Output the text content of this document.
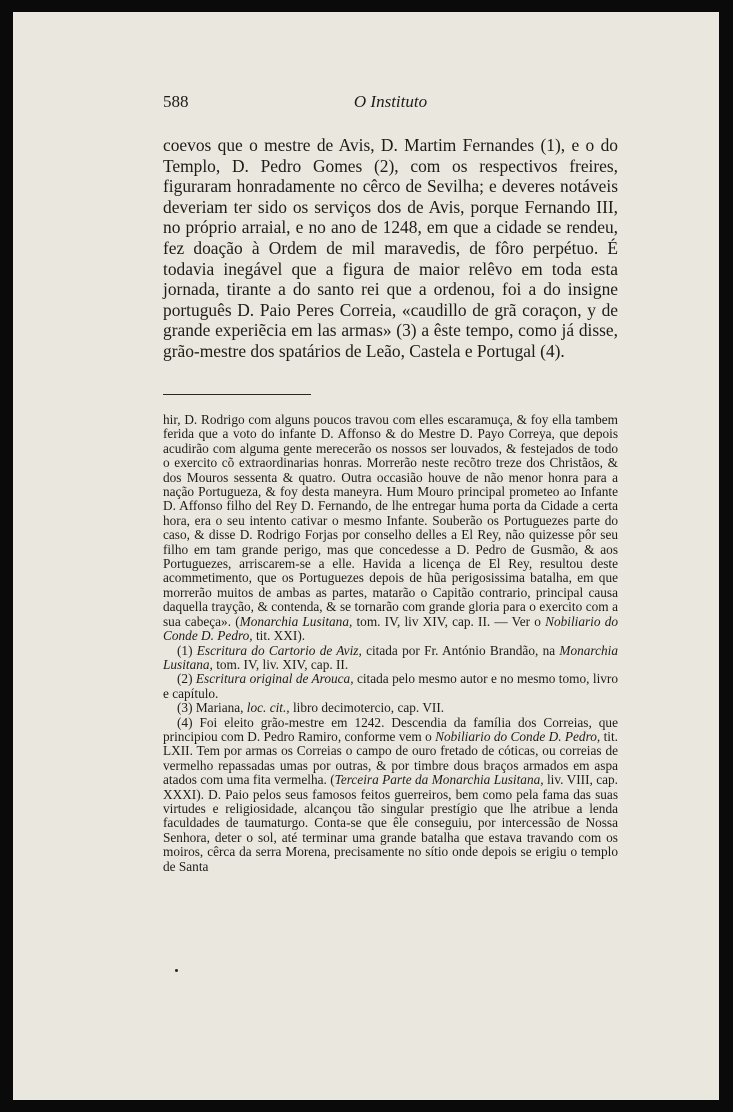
588	O Instituto

coevos que o mestre de Avis, D. Martim Fernandes (1), e o do Templo, D. Pedro Gomes (2), com os respectivos freires, figuraram honradamente no cêrco de Sevilha; e deveres notáveis deveriam ter sido os serviços dos de Avis, porque Fernando III, no próprio arraial, e no ano de 1248, em que a cidade se rendeu, fez doação à Ordem de mil maravedis, de fôro perpétuo. É todavia inegável que a figura de maior relêvo em toda esta jornada, tirante a do santo rei que a ordenou, foi a do insigne português D. Paio Peres Correia, «caudillo de grã coraçon, y de grande experiẽcia em las armas» (3) a êste tempo, como já disse, grão-mestre dos spatários de Leão, Castela e Portugal (4).

hir, D. Rodrigo com alguns poucos travou com elles escaramuça, & foy ella tambem ferida que a voto do infante D. Affonso & do Mestre D. Payo Correya, que depois acudirão com alguma gente merecerão os nossos ser louvados, & festejados de todo o exercito cõ extraordinarias honras. Morrerão neste recõtro treze dos Christãos, & dos Mouros sessenta & quatro. Outra occasião houve de não menor honra para a nação Portugueza, & foy desta maneyra. Hum Mouro principal prometeo ao Infante D. Affonso filho del Rey D. Fernando, de lhe entregar huma porta da Cidade a certa hora, era o seu intento cativar o mesmo Infante. Souberão os Portuguezes parte do caso, & disse D. Rodrigo Forjas por conselho delles a El Rey, não quizesse pôr seu filho em tam grande perigo, mas que concedesse a D. Pedro de Gusmão, & aos Portuguezes, arriscarem-se a elle. Havida a licença de El Rey, resultou deste acommetimento, que os Portuguezes depois de hũa perigosissima batalha, em que morrerão muitos de ambas as partes, matarão o Capitão contrario, principal causa daquella trayção, & contenda, & se tornarão com grande gloria para o exercito com a sua cabeça». (Monarchia Lusitana, tom. IV, liv XIV, cap. II. — Ver o Nobiliario do Conde D. Pedro, tit. XXI).

(1) Escritura do Cartorio de Aviz, citada por Fr. António Brandão, na Monarchia Lusitana, tom. IV, liv. XIV, cap. II.

(2) Escritura original de Arouca, citada pelo mesmo autor e no mesmo tomo, livro e capítulo.

(3) Mariana, loc. cit., libro decimotercio, cap. VII.

(4) Foi eleito grão-mestre em 1242. Descendia da família dos Correias, que principiou com D. Pedro Ramiro, conforme vem o Nobiliario do Conde D. Pedro, tit. LXII. Tem por armas os Correias o campo de ouro fretado de cóticas, ou correias de vermelho repassadas umas por outras, & por timbre dous braços armados em aspa atados com uma fita vermelha. (Terceira Parte da Monarchia Lusitana, liv. VIII, cap. XXXI). D. Paio pelos seus famosos feitos guerreiros, bem como pela fama das suas virtudes e religiosidade, alcançou tão singular prestígio que lhe atribue a lenda faculdades de taumaturgo. Conta-se que êle conseguiu, por intercessão de Nossa Senhora, deter o sol, até terminar uma grande batalha que estava travando com os moiros, cêrca da serra Morena, precisamente no sítio onde depois se erigiu o templo de Santa
